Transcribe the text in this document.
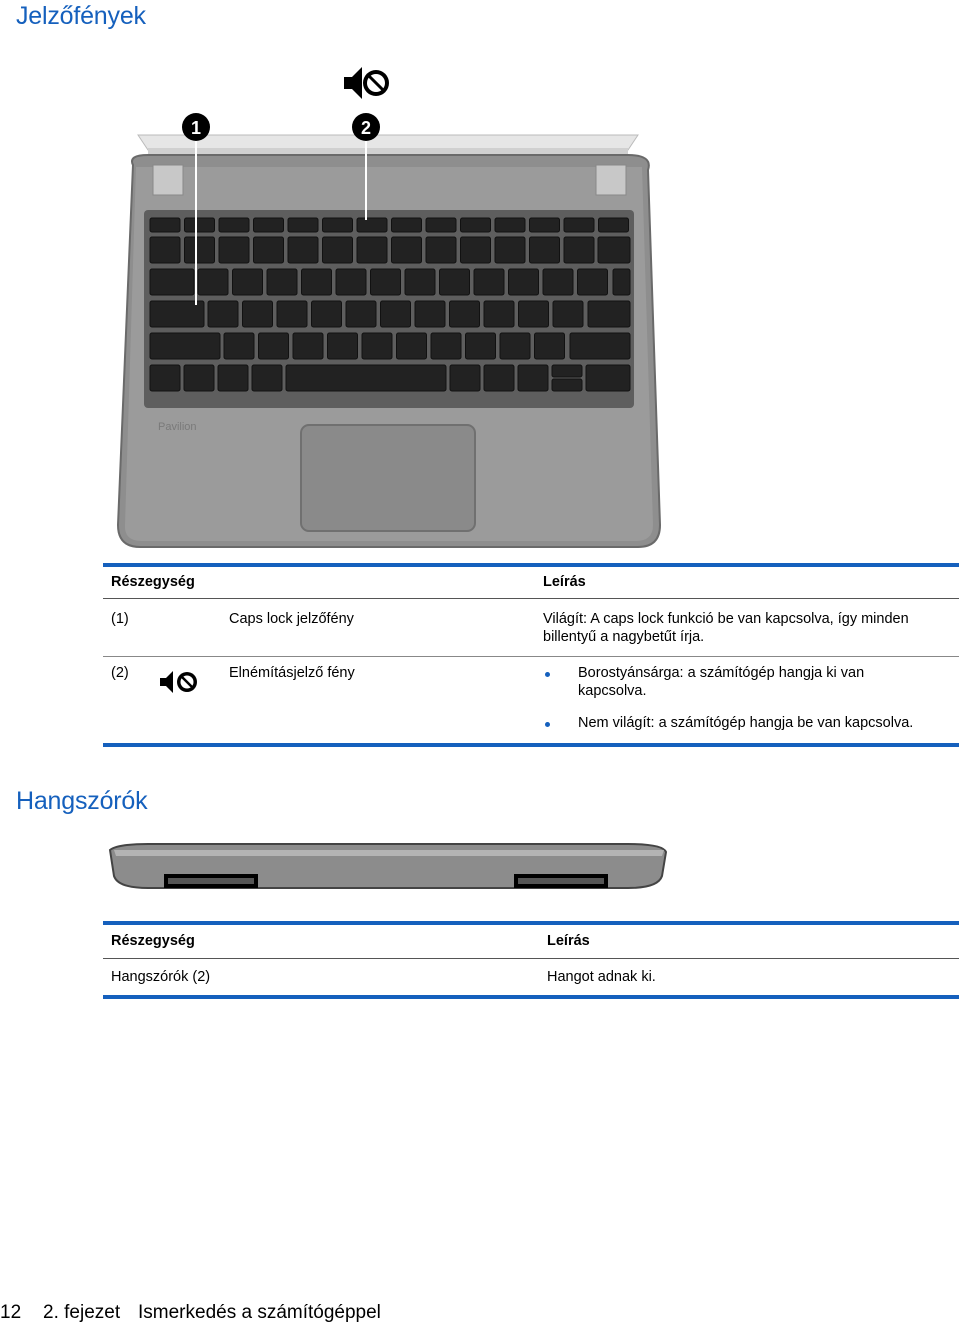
Jelzőfények
Pavilion
1	2
Részegység	Leírás
(1)	Caps lock jelzőfény	Világít: A caps lock funkció be van kapcsolva, így minden
billentyű a nagybetűt írja.
(2)	Elnémításjelző fény	Borostyánsárga: a számítógép hangja ki van
kapcsolva.
Nem világít: a számítógép hangja be van kapcsolva.
Hangszórók
Részegység	Leírás
Hangszórók (2)	Hangot adnak ki.
12 2. fejezet Ismerkedés a számítógéppel
